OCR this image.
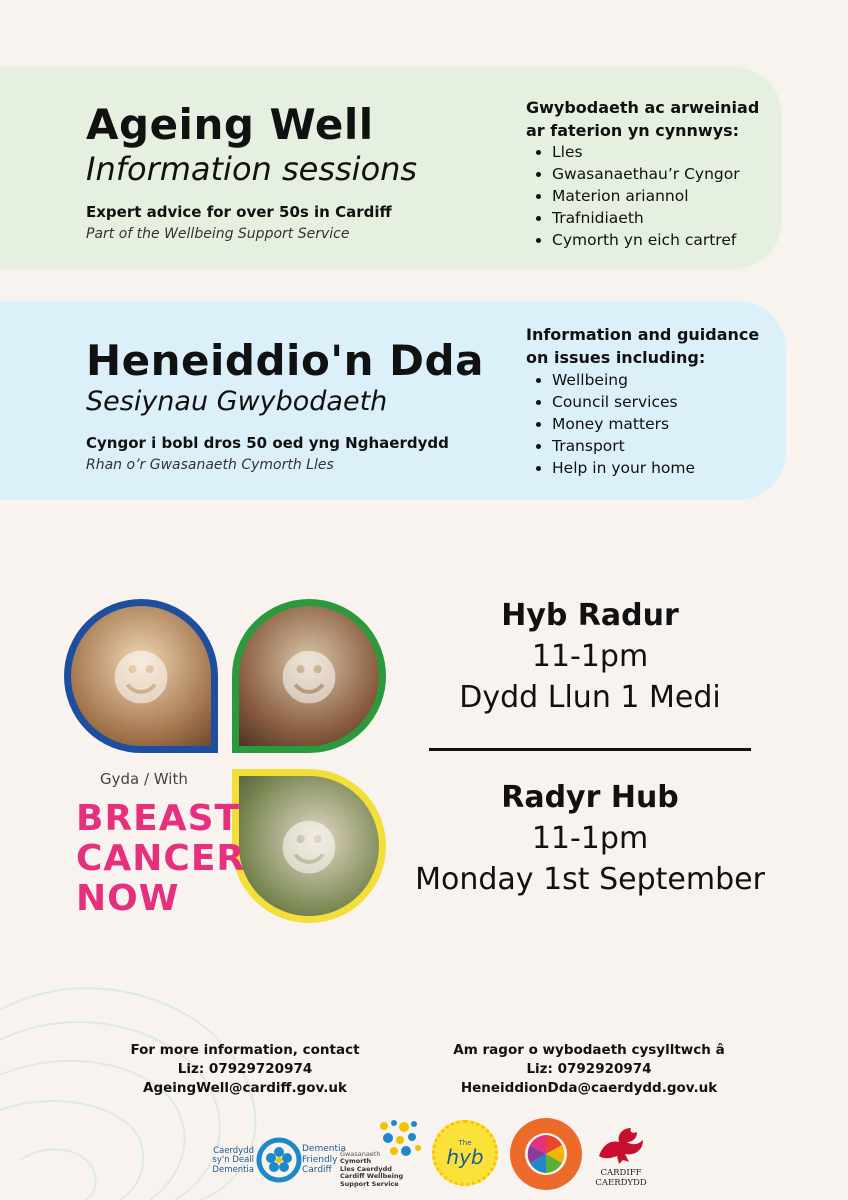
Ageing Well
Information sessions
Expert advice for over 50s in Cardiff
Part of the Wellbeing Support Service
Gwybodaeth ac arweiniad
ar faterion yn cynnwys:
• Lles
• Gwasanaethau’r Cyngor
• Materion ariannol
• Trafnidiaeth
• Cymorth yn eich cartref
Heneiddio'n Dda
Sesiynau Gwybodaeth
Cyngor i bobl dros 50 oed yng Nghaerdydd
Rhan o’r Gwasanaeth Cymorth Lles
Information and guidance
on issues including:
• Wellbeing
• Council services
• Money matters
• Transport
• Help in your home
☻	☻
☻
Gyda / With
BREAST
CANCER
NOW
Hyb Radur
11-1pm
Dydd Llun 1 Medi
Radyr Hub
11-1pm
Monday 1st September
For more information, contact
Liz: 07929720974
AgeingWell@cardiff.gov.uk
Am ragor o wybodaeth cysylltwch â
Liz: 0792920974
HeneiddionDda@caerdydd.gov.uk
Caerdydd
sy'n Deall
Dementia
Dementia
Friendly
Cardiff
Gwasanaeth
Cymorth
Lles Caerdydd
Cardiff Wellbeing
Support Service
The
hyb
CARDIFF
CAERDYDD
